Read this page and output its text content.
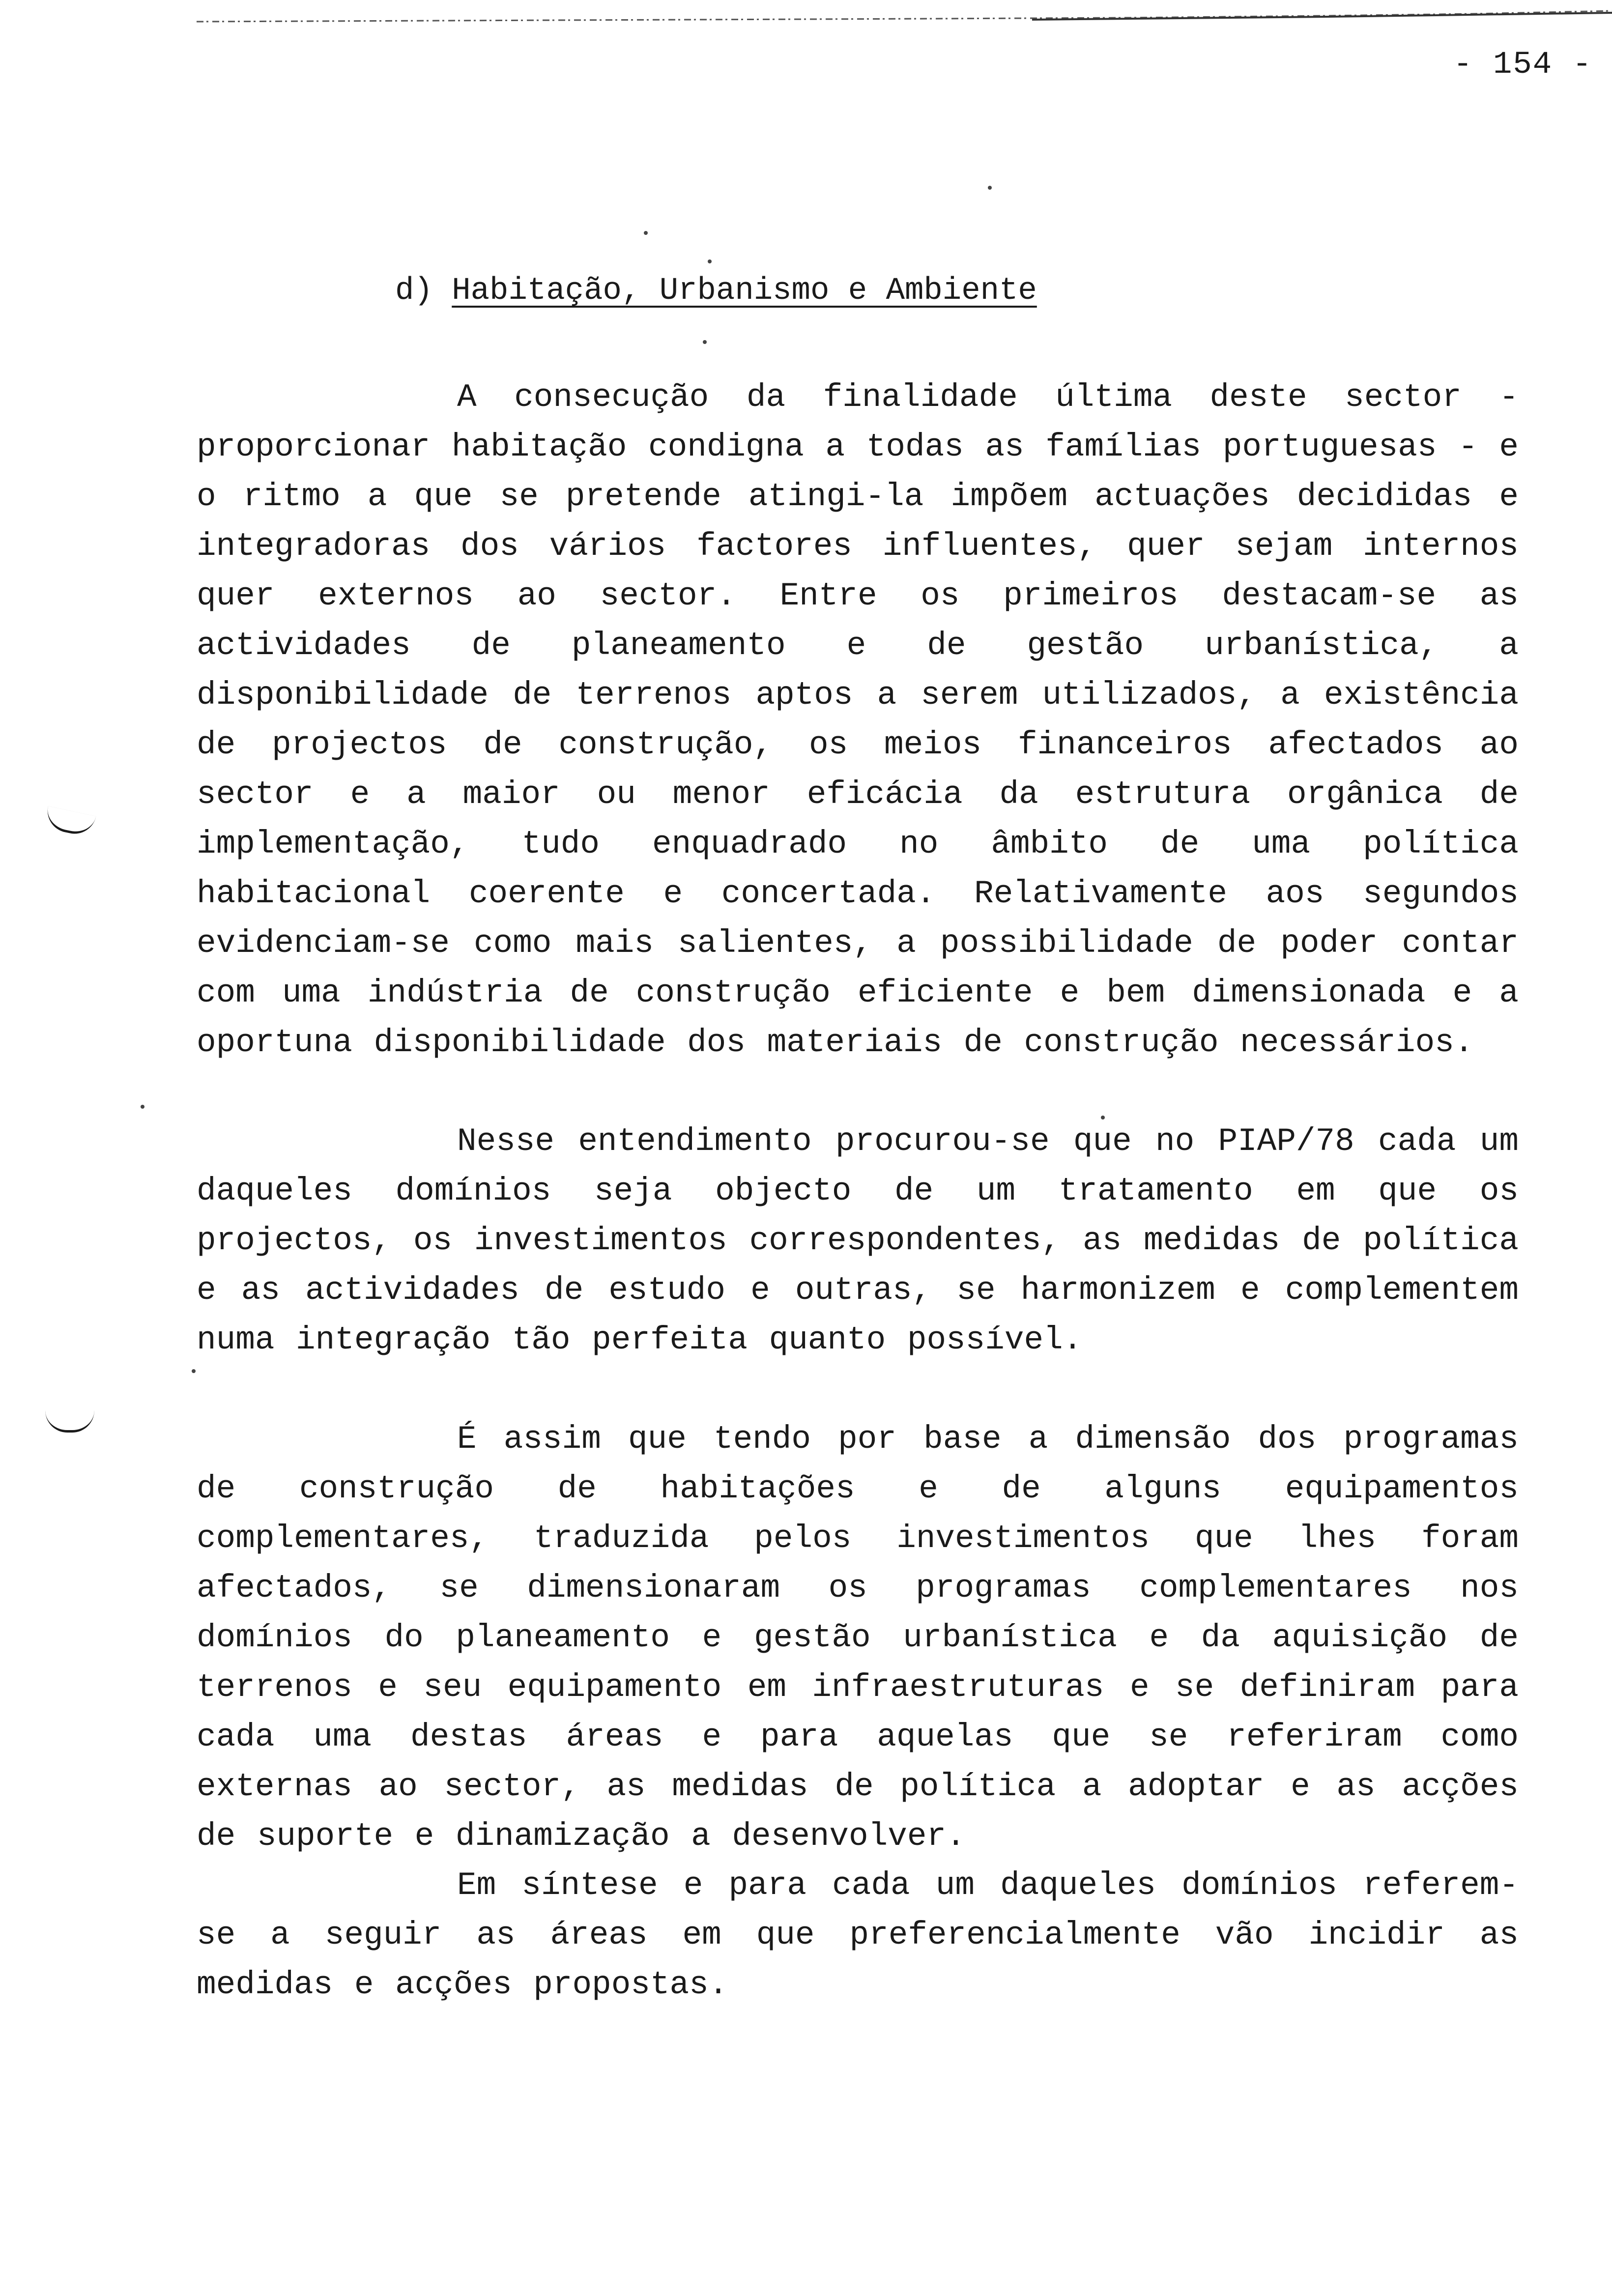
- 154 -
d) Habitação, Urbanismo e Ambiente

A consecução da finalidade última deste sector - proporcionar habitação condigna a todas as famílias portuguesas - e o ritmo a que se pretende atingi-la impõem actuações decididas e integradoras dos vários factores influentes, quer sejam internos quer externos ao sector. Entre os primeiros destacam-se as actividades de planeamento e de gestão urbanística, a disponibilidade de terrenos aptos a serem utilizados, a existência de projectos de construção, os meios financeiros afectados ao sector e a maior ou menor eficácia da estrutura orgânica de implementação, tudo enquadrado no âmbito de uma política habitacional coerente e concertada. Relativamente aos segundos evidenciam-se como mais salientes, a possibilidade de poder contar com uma indústria de construção eficiente e bem dimensionada e a oportuna disponibilidade dos materiais de construção necessários.

Nesse entendimento procurou-se que no PIAP/78 cada um daqueles domínios seja objecto de um tratamento em que os projectos, os investimentos correspondentes, as medidas de política e as actividades de estudo e outras, se harmonizem e complementem numa integração tão perfeita quanto possível.

É assim que tendo por base a dimensão dos programas de construção de habitações e de alguns equipamentos complementares, traduzida pelos investimentos que lhes foram afectados, se dimensionaram os programas complementares nos domínios do planeamento e gestão urbanística e da aquisição de terrenos e seu equipamento em infraestruturas e se definiram para cada uma destas áreas e para aquelas que se referiram como externas ao sector, as medidas de política a adoptar e as acções de suporte e dinamização a desenvolver.

Em síntese e para cada um daqueles domínios referem-se a seguir as áreas em que preferencialmente vão incidir as medidas e acções propostas.
